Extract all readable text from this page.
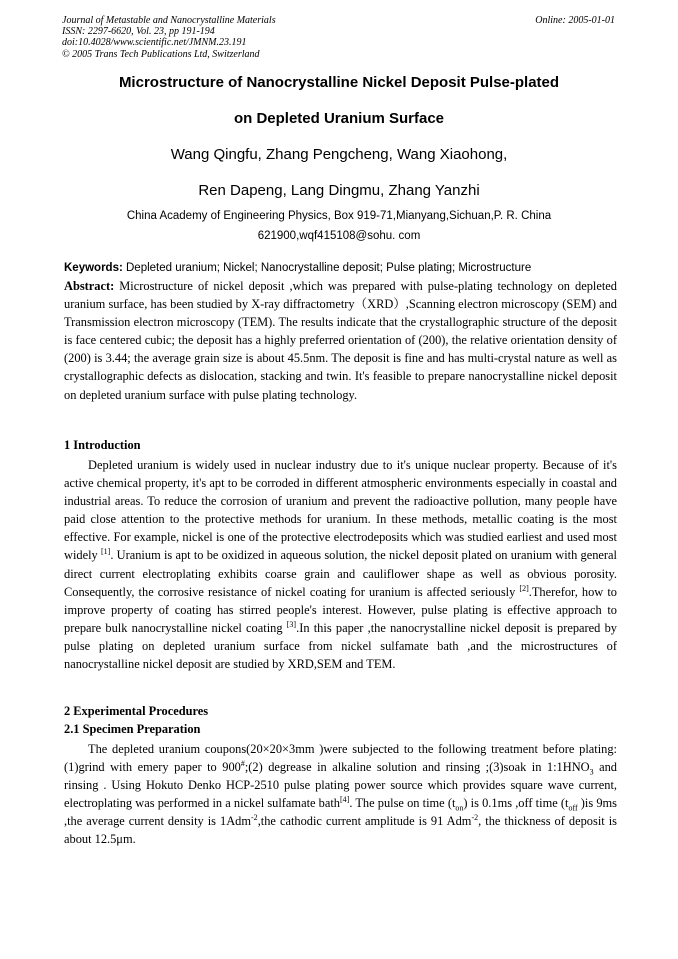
Journal of Metastable and Nanocrystalline Materials
ISSN: 2297-6620, Vol. 23, pp 191-194
doi:10.4028/www.scientific.net/JMNM.23.191
© 2005 Trans Tech Publications Ltd, Switzerland
Online: 2005-01-01
Microstructure of Nanocrystalline Nickel Deposit Pulse-plated
on Depleted Uranium Surface
Wang Qingfu, Zhang Pengcheng, Wang Xiaohong,
Ren Dapeng, Lang Dingmu, Zhang Yanzhi
China Academy of Engineering Physics, Box 919-71,Mianyang,Sichuan,P. R. China
621900,wqf415108@sohu. com
Keywords: Depleted uranium; Nickel; Nanocrystalline deposit; Pulse plating; Microstructure

Abstract: Microstructure of nickel deposit ,which was prepared with pulse-plating technology on depleted uranium surface, has been studied by X-ray diffractometry（XRD）,Scanning electron microscopy (SEM) and Transmission electron microscopy (TEM). The results indicate that the crystallographic structure of the deposit is face centered cubic; the deposit has a highly preferred orientation of (200), the relative orientation density of (200) is 3.44; the average grain size is about 45.5nm. The deposit is fine and has multi-crystal nature as well as crystallographic defects as dislocation, stacking and twin. It's feasible to prepare nanocrystalline nickel deposit on depleted uranium surface with pulse plating technology.

1 Introduction

Depleted uranium is widely used in nuclear industry due to it's unique nuclear property. Because of it's active chemical property, it's apt to be corroded in different atmospheric environments especially in coastal and industrial areas. To reduce the corrosion of uranium and prevent the radioactive pollution, many people have paid close attention to the protective methods for uranium. In these methods, metallic coating is the most effective. For example, nickel is one of the protective electrodeposits which was studied earliest and used most widely [1]. Uranium is apt to be oxidized in aqueous solution, the nickel deposit plated on uranium with general direct current electroplating exhibits coarse grain and cauliflower shape as well as obvious porosity. Consequently, the corrosive resistance of nickel coating for uranium is affected seriously [2].Therefor, how to improve property of coating has stirred people's interest. However, pulse plating is effective approach to prepare bulk nanocrystalline nickel coating [3].In this paper ,the nanocrystalline nickel deposit is prepared by pulse plating on depleted uranium surface from nickel sulfamate bath ,and the microstructures of nanocrystalline nickel deposit are studied by XRD,SEM and TEM.

2 Experimental Procedures
2.1 Specimen Preparation

The depleted uranium coupons(20×20×3mm )were subjected to the following treatment before plating:(1)grind with emery paper to 900#;(2) degrease in alkaline solution and rinsing ;(3)soak in $1:1HNO_3$ and rinsing . Using Hokuto Denko HCP-2510 pulse plating power source which provides square wave current, electroplating was performed in a nickel sulfamate bath[4]. The pulse on time $(t_{on})$ is 0.1ms ,off time ($t_{off}$ )is 9ms ,the average current density is 1Adm$^{-2}$,the cathodic current amplitude is 91 Adm$^{-2}$, the thickness of deposit is about 12.5μm.
